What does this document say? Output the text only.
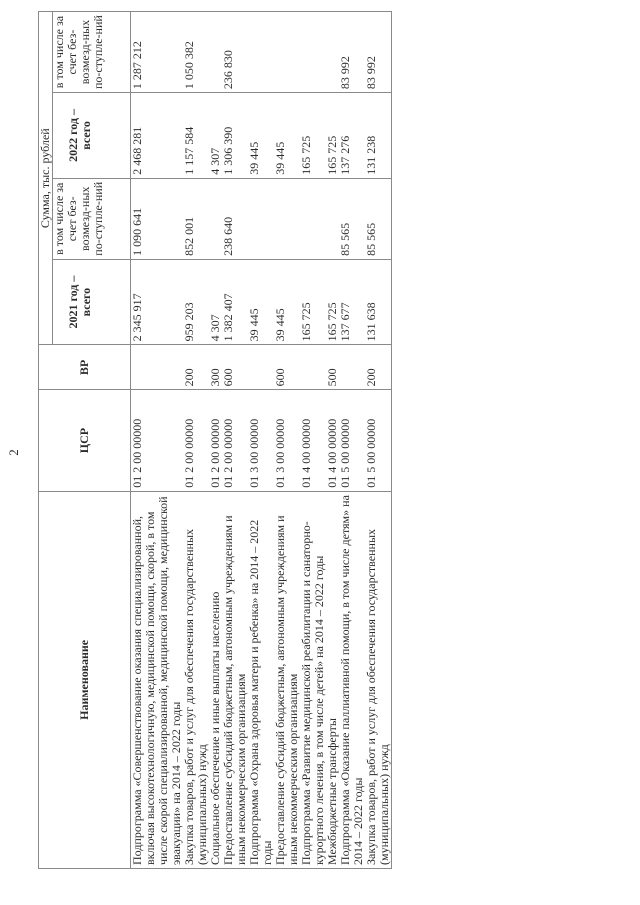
2
Наименование	ЦСР	ВР	Сумма, тыс. рублей			
			2021 год – всего	в том числе за счет без-возмезд-ных по-ступле-ний	2022 год – всего	в том числе за счет без-возмезд-ных по-ступле-ний
Подпрограмма «Совершенствование оказания специализированной, включая высокотехнологичную, медицинской помощи, скорой, в том числе скорой специализированной, медицинской помощи, медицинской эвакуации» на 2014 – 2022 годы	01 2 00 00000		2 345 917	1 090 641	2 468 281	1 287 212
Закупка товаров, работ и услуг для обеспечения государственных (муниципальных) нужд	01 2 00 00000	200	959 203	852 001	1 157 584	1 050 382
Социальное обеспечение и иные выплаты населению	01 2 00 00000	300	4 307		4 307	
Предоставление субсидий бюджетным, автономным учреждениям и иным некоммерческим организациям	01 2 00 00000	600	1 382 407	238 640	1 306 390	236 830
Подпрограмма «Охрана здоровья матери и ребенка» на 2014 – 2022 годы	01 3 00 00000		39 445		39 445	
Предоставление субсидий бюджетным, автономным учреждениям и иным некоммерческим организациям	01 3 00 00000	600	39 445		39 445	
Подпрограмма «Развитие медицинской реабилитации и санаторно-курортного лечения, в том числе детей» на 2014 – 2022 годы	01 4 00 00000		165 725		165 725	
Межбюджетные трансферты	01 4 00 00000	500	165 725		165 725	
Подпрограмма «Оказание паллиативной помощи, в том числе детям» на 2014 – 2022 годы	01 5 00 00000		137 677	85 565	137 276	83 992
Закупка товаров, работ и услуг для обеспечения государственных (муниципальных) нужд	01 5 00 00000	200	131 638	85 565	131 238	83 992
